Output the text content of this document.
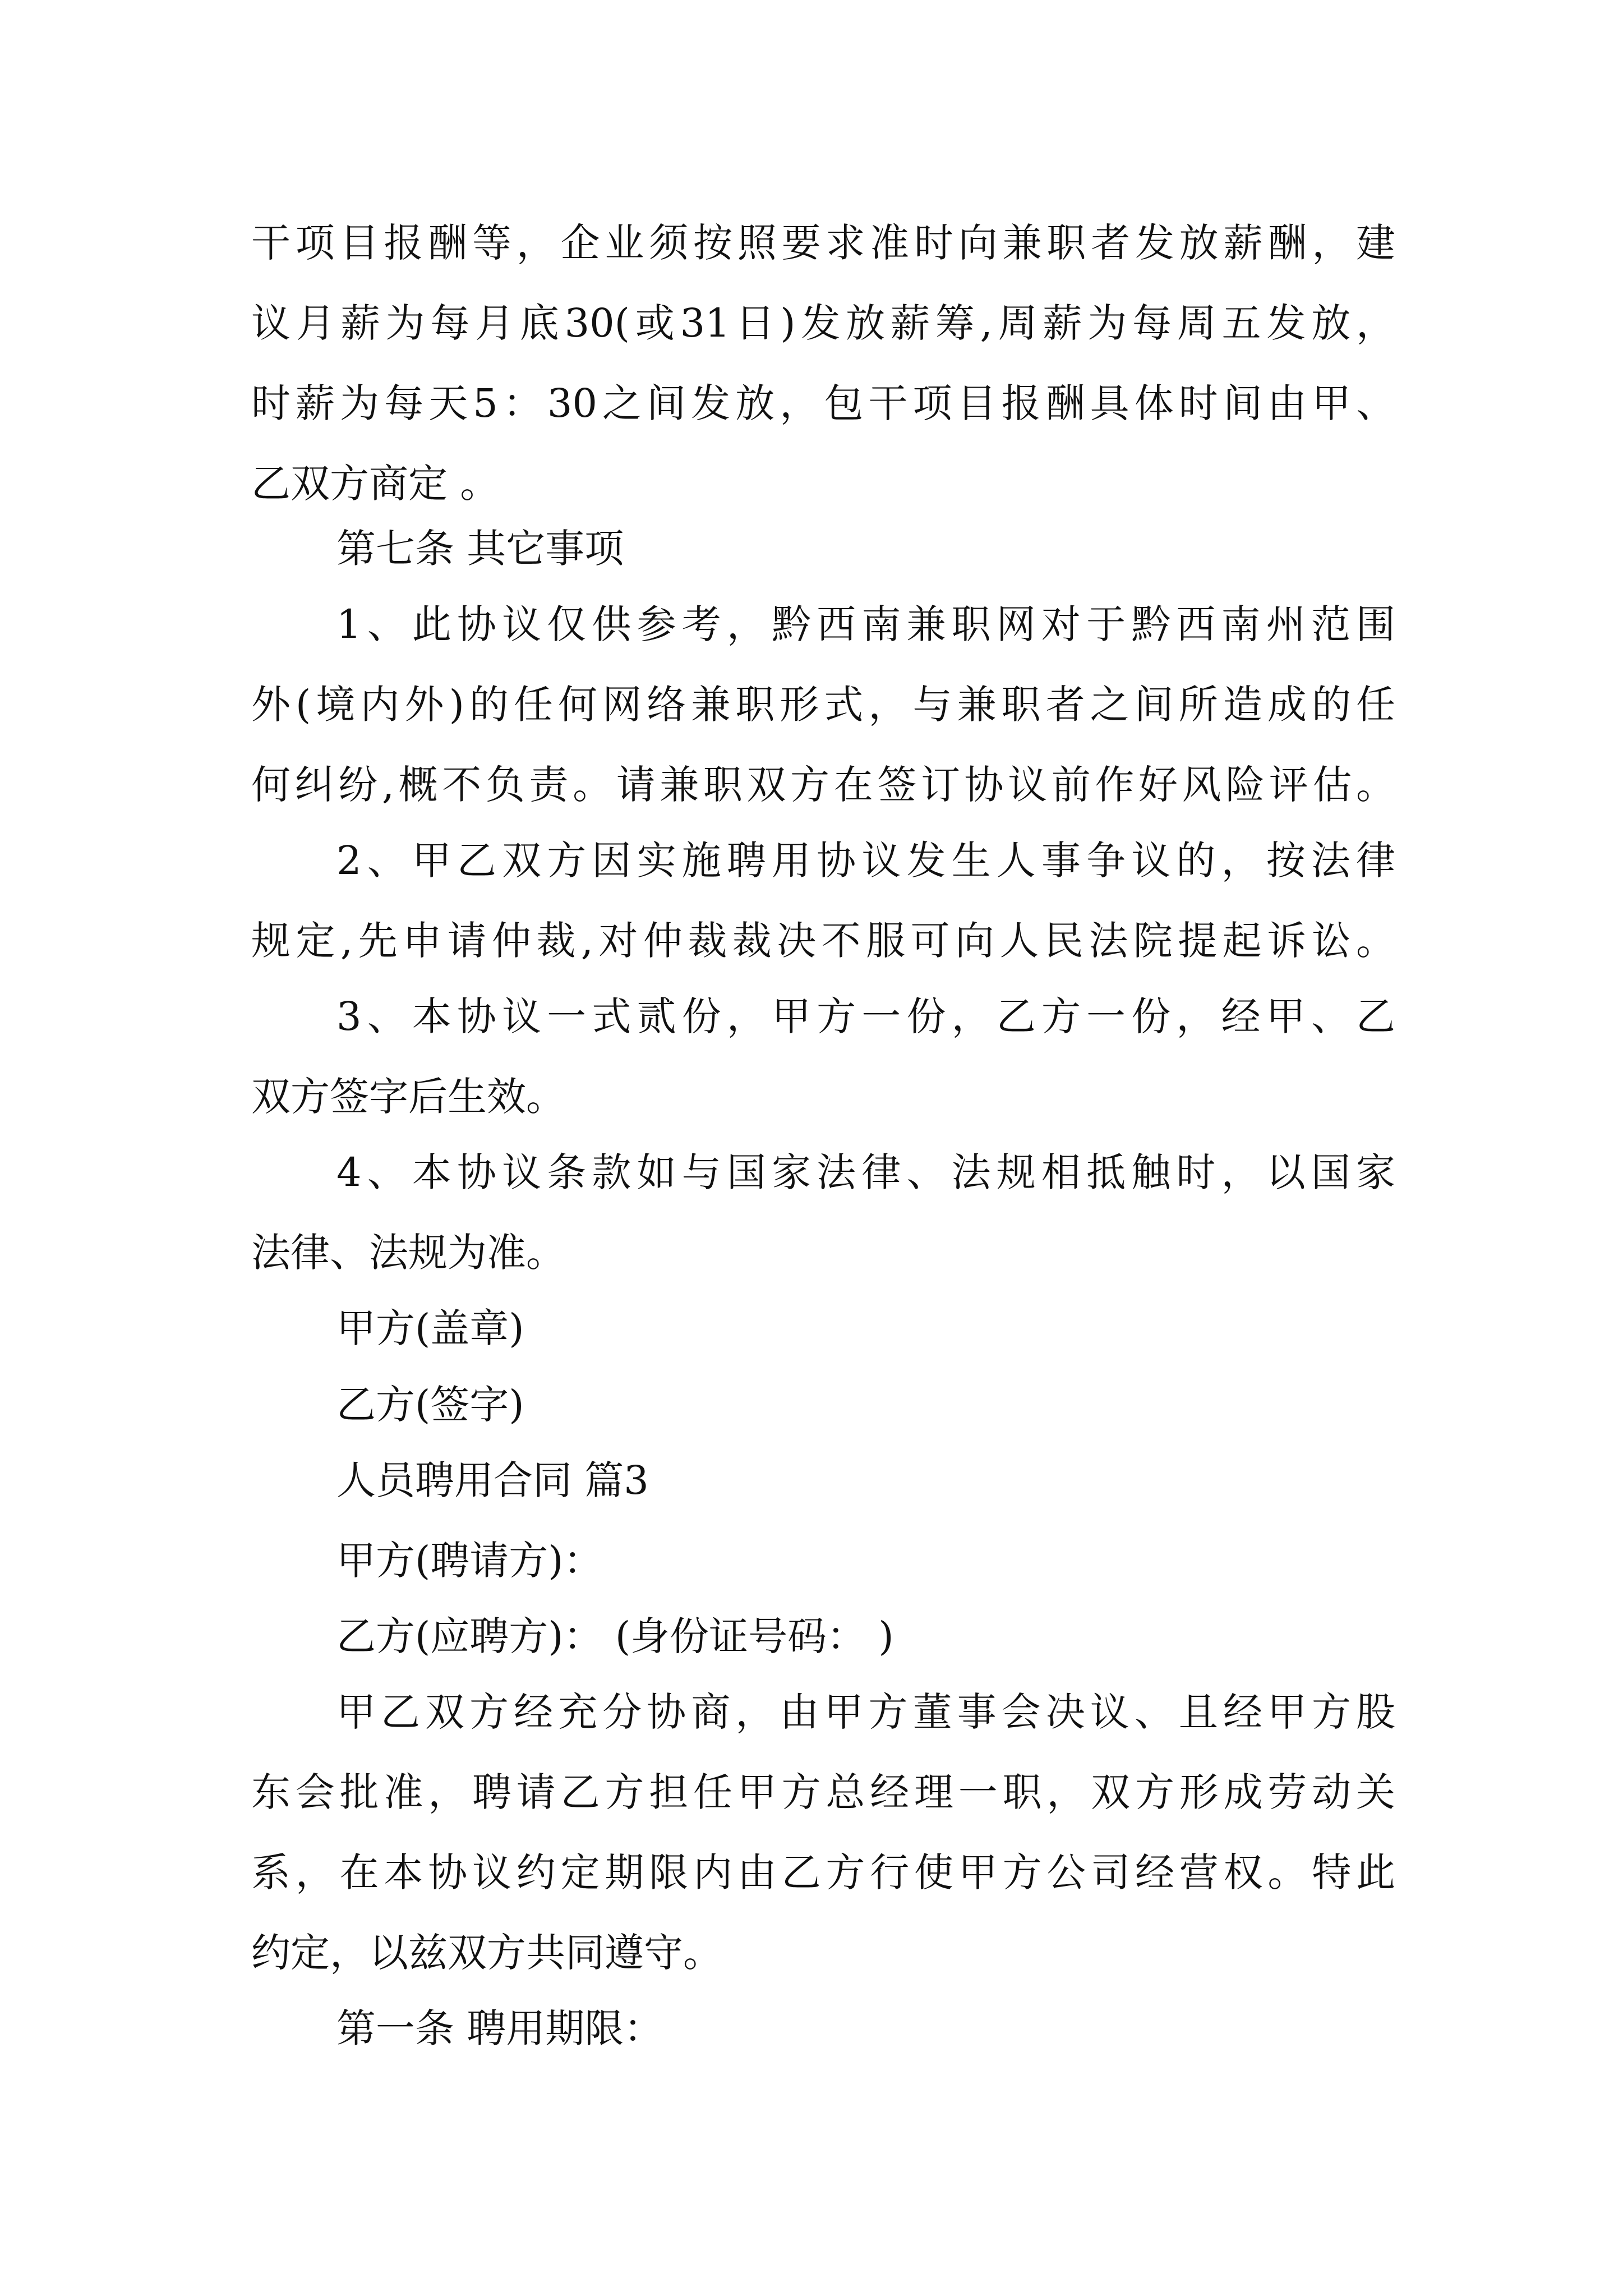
干项目报酬等，企业须按照要求准时向兼职者发放薪酬，建
议月薪为每月底30(或31日)发放薪筹,周薪为每周五发放，
时薪为每天5：30之间发放，包干项目报酬具体时间由甲、
乙双方商定 。
第七条 其它事项
1、此协议仅供参考，黔西南兼职网对于黔西南州范围
外(境内外)的任何网络兼职形式，与兼职者之间所造成的任
何纠纷,概不负责。请兼职双方在签订协议前作好风险评估。
2、甲乙双方因实施聘用协议发生人事争议的，按法律
规定,先申请仲裁,对仲裁裁决不服可向人民法院提起诉讼。
3、本协议一式贰份，甲方一份，乙方一份，经甲、乙
双方签字后生效。
4、本协议条款如与国家法律、法规相抵触时，以国家
法律、法规为准。
甲方(盖章)
乙方(签字)
人员聘用合同 篇3
甲方(聘请方)：
乙方(应聘方)： (身份证号码： )
甲乙双方经充分协商，由甲方董事会决议、且经甲方股
东会批准，聘请乙方担任甲方总经理一职，双方形成劳动关
系，在本协议约定期限内由乙方行使甲方公司经营权。特此
约定，以兹双方共同遵守。
第一条 聘用期限：
